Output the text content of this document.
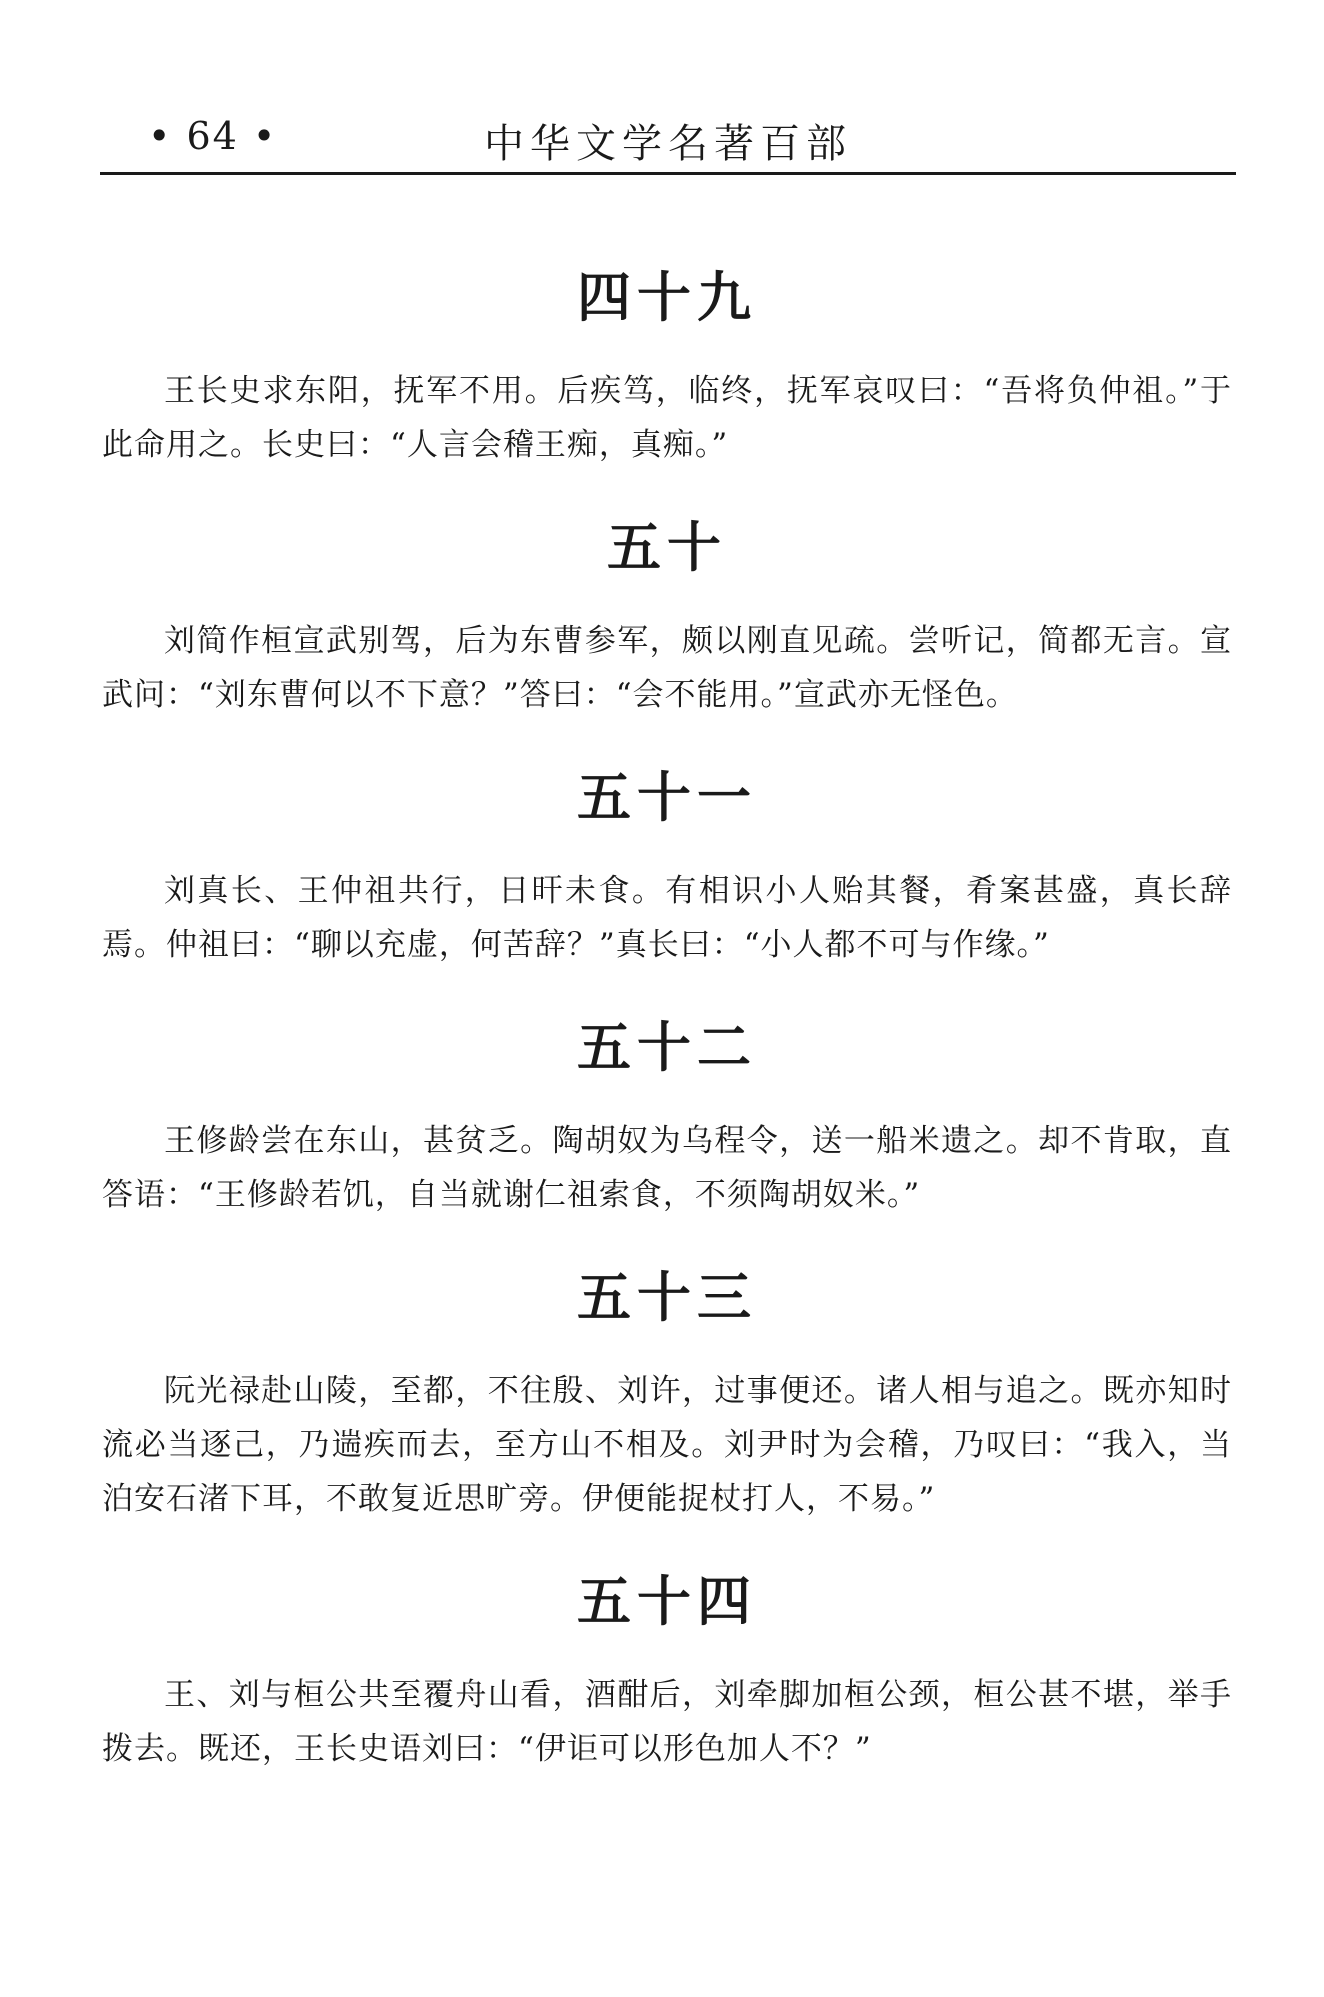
• 64 •	中华文学名著百部
四十九

王长史求东阳，抚军不用。后疾笃，临终，抚军哀叹曰：“吾将负仲祖。”于此命用之。长史曰：“人言会稽王痴，真痴。”

五十

刘简作桓宣武别驾，后为东曹参军，颇以刚直见疏。尝听记，简都无言。宣武问：“刘东曹何以不下意？”答曰：“会不能用。”宣武亦无怪色。

五十一

刘真长、王仲祖共行，日旰未食。有相识小人贻其餐，肴案甚盛，真长辞焉。仲祖曰：“聊以充虚，何苦辞？”真长曰：“小人都不可与作缘。”

五十二

王修龄尝在东山，甚贫乏。陶胡奴为乌程令，送一船米遗之。却不肯取，直答语：“王修龄若饥，自当就谢仁祖索食，不须陶胡奴米。”

五十三

阮光禄赴山陵，至都，不往殷、刘许，过事便还。诸人相与追之。既亦知时流必当逐己，乃遄疾而去，至方山不相及。刘尹时为会稽，乃叹曰：“我入，当泊安石渚下耳，不敢复近思旷旁。伊便能捉杖打人，不易。”

五十四

王、刘与桓公共至覆舟山看，酒酣后，刘牵脚加桓公颈，桓公甚不堪，举手拨去。既还，王长史语刘曰：“伊讵可以形色加人不？”
